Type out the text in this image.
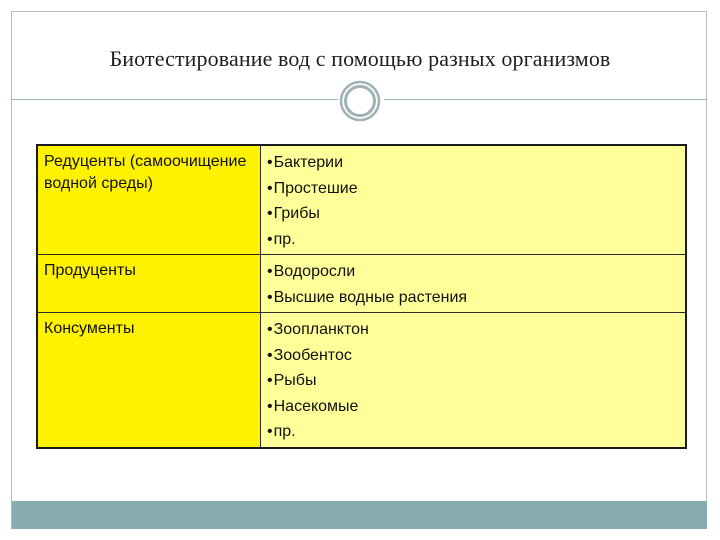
Биотестирование вод с помощью разных организмов
Редуценты (самоочищение водной среды)	• Бактерии
• Простешие
• Грибы
• пр.

Продуценты	• Водоросли
• Высшие водные растения

Консументы	• Зоопланктон
• Зообентос
• Рыбы
• Насекомые
• пр.
